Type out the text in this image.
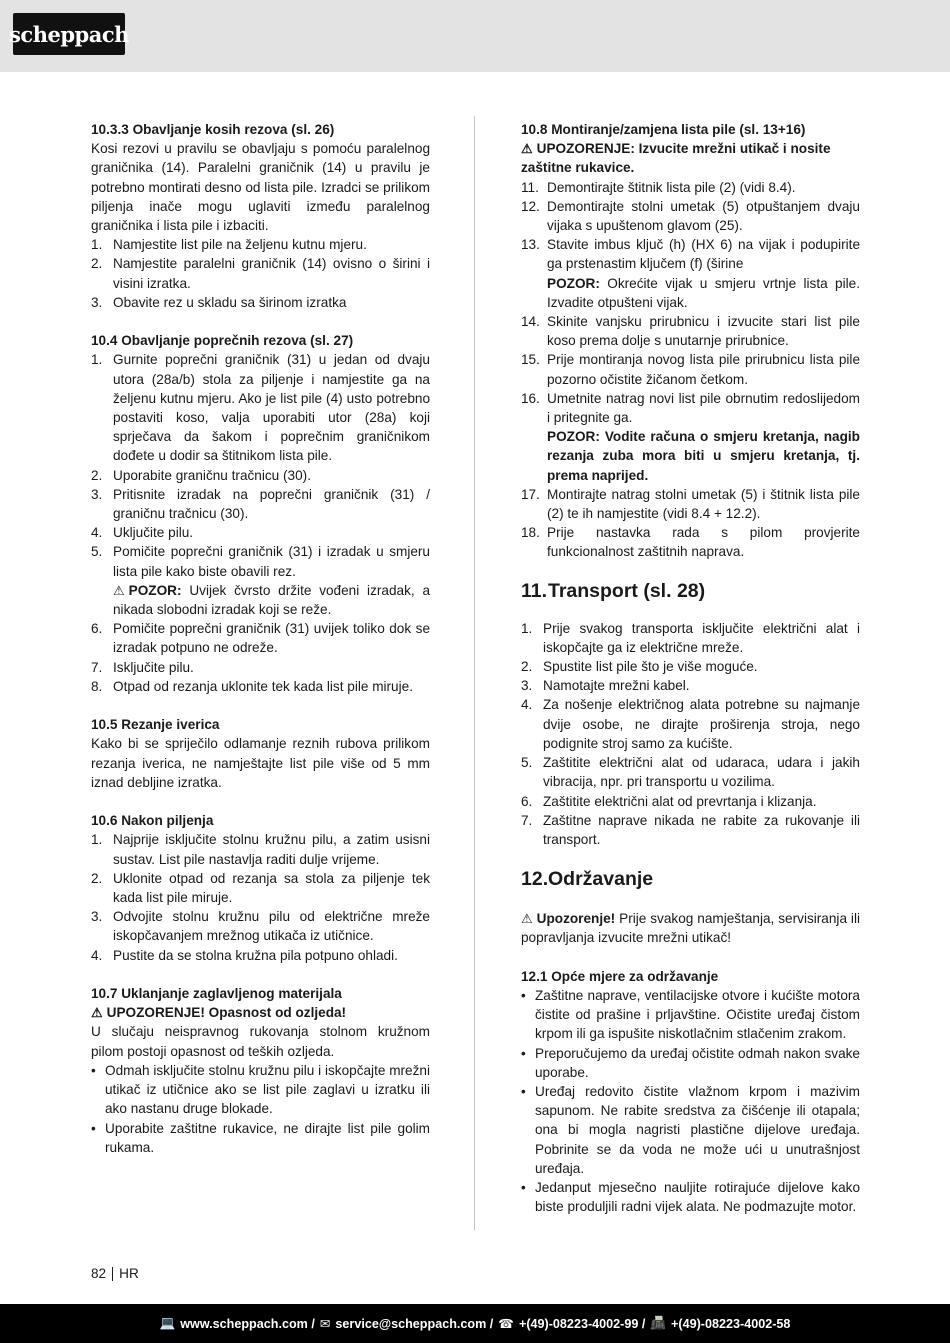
scheppach
10.3.3 Obavljanje kosih rezova (sl. 26)

Kosi rezovi u pravilu se obavljaju s pomoću paralelnog graničnika (14). Paralelni graničnik (14) u pravilu je potrebno montirati desno od lista pile. Izradci se prilikom piljenja inače mogu uglaviti između paralelnog graničnika i lista pile i izbaciti.

1. Namjestite list pile na željenu kutnu mjeru.
2. Namjestite paralelni graničnik (14) ovisno o širini i visini izratka.
3. Obavite rez u skladu sa širinom izratka
10.4 Obavljanje poprečnih rezova (sl. 27)
1. Gurnite poprečni graničnik (31) u jedan od dvaju utora (28a/b) stola za piljenje i namjestite ga na željenu kutnu mjeru. Ako je list pile (4) usto potrebno postaviti koso, valja uporabiti utor (28a) koji sprječava da šakom i poprečnim graničnikom dođete u dodir sa štitnikom lista pile.
2. Uporabite graničnu tračnicu (30).
3. Pritisnite izradak na poprečni graničnik (31) / graničnu tračnicu (30).
4. Uključite pilu.
5. Pomičite poprečni graničnik (31) i izradak u smjeru lista pile kako biste obavili rez.
⚠ POZOR: Uvijek čvrsto držite vođeni izradak, a nikada slobodni izradak koji se reže.
6. Pomičite poprečni graničnik (31) uvijek toliko dok se izradak potpuno ne odreže.
7. Isključite pilu.
8. Otpad od rezanja uklonite tek kada list pile miruje.
10.5 Rezanje iverica

Kako bi se spriječilo odlamanje reznih rubova prilikom rezanja iverica, ne namještajte list pile više od 5 mm iznad debljine izratka.

10.6 Nakon piljenja
1. Najprije isključite stolnu kružnu pilu, a zatim usisni sustav. List pile nastavlja raditi dulje vrijeme.
2. Uklonite otpad od rezanja sa stola za piljenje tek kada list pile miruje.
3. Odvojite stolnu kružnu pilu od električne mreže iskopčavanjem mrežnog utikača iz utičnice.
4. Pustite da se stolna kružna pila potpuno ohladi.
10.7 Uklanjanje zaglavljenog materijala
⚠ UPOZORENJE! Opasnost od ozljeda!

U slučaju neispravnog rukovanja stolnom kružnom pilom postoji opasnost od teških ozljeda.

• Odmah isključite stolnu kružnu pilu i iskopčajte mrežni utikač iz utičnice ako se list pile zaglavi u izratku ili ako nastanu druge blokade.
• Uporabite zaštitne rukavice, ne dirajte list pile golim rukama.
10.8 Montiranje/zamjena lista pile (sl. 13+16)
⚠ UPOZORENJE: Izvucite mrežni utikač i nosite zaštitne rukavice.
11. Demontirajte štitnik lista pile (2) (vidi 8.4).
12. Demontirajte stolni umetak (5) otpuštanjem dvaju vijaka s upuštenom glavom (25).
13. Stavite imbus ključ (h) (HX 6) na vijak i podupirite ga prstenastim ključem (f) (širine
POZOR: Okrećite vijak u smjeru vrtnje lista pile. Izvadite otpušteni vijak.
14. Skinite vanjsku prirubnicu i izvucite stari list pile koso prema dolje s unutarnje prirubnice.
15. Prije montiranja novog lista pile prirubnicu lista pile pozorno očistite žičanom četkom.
16. Umetnite natrag novi list pile obrnutim redoslijedom i pritegnite ga.
POZOR: Vodite računa o smjeru kretanja, nagib rezanja zuba mora biti u smjeru kretanja, tj. prema naprijed.
17. Montirajte natrag stolni umetak (5) i štitnik lista pile (2) te ih namjestite (vidi 8.4 + 12.2).
18. Prije nastavka rada s pilom provjerite funkcionalnost zaštitnih naprava.
11. Transport (sl. 28)
1. Prije svakog transporta isključite električni alat i iskopčajte ga iz električne mreže.
2. Spustite list pile što je više moguće.
3. Namotajte mrežni kabel.
4. Za nošenje električnog alata potrebne su najmanje dvije osobe, ne dirajte proširenja stroja, nego podignite stroj samo za kućište.
5. Zaštitite električni alat od udaraca, udara i jakih vibracija, npr. pri transportu u vozilima.
6. Zaštitite električni alat od prevrtanja i klizanja.
7. Zaštitne naprave nikada ne rabite za rukovanje ili transport.
12. Održavanje

⚠ Upozorenje! Prije svakog namještanja, servisiranja ili popravljanja izvucite mrežni utikač!

12.1 Opće mjere za održavanje
• Zaštitne naprave, ventilacijske otvore i kućište motora čistite od prašine i prljavštine. Očistite uređaj čistom krpom ili ga ispušite niskotlačnim stlačenim zrakom.
• Preporučujemo da uređaj očistite odmah nakon svake uporabe.
• Uređaj redovito čistite vlažnom krpom i mazivim sapunom. Ne rabite sredstva za čišćenje ili otapala; ona bi mogla nagristi plastične dijelove uređaja. Pobrinite se da voda ne može ući u unutrašnjost uređaja.
• Jedanput mjesečno nauljite rotirajuće dijelove kako biste produljili radni vijek alata. Ne podmazujte motor.
82 HR
💻 www.scheppach.com / ✉ service@scheppach.com / ☎ +(49)-08223-4002-99 / 📠 +(49)-08223-4002-58
